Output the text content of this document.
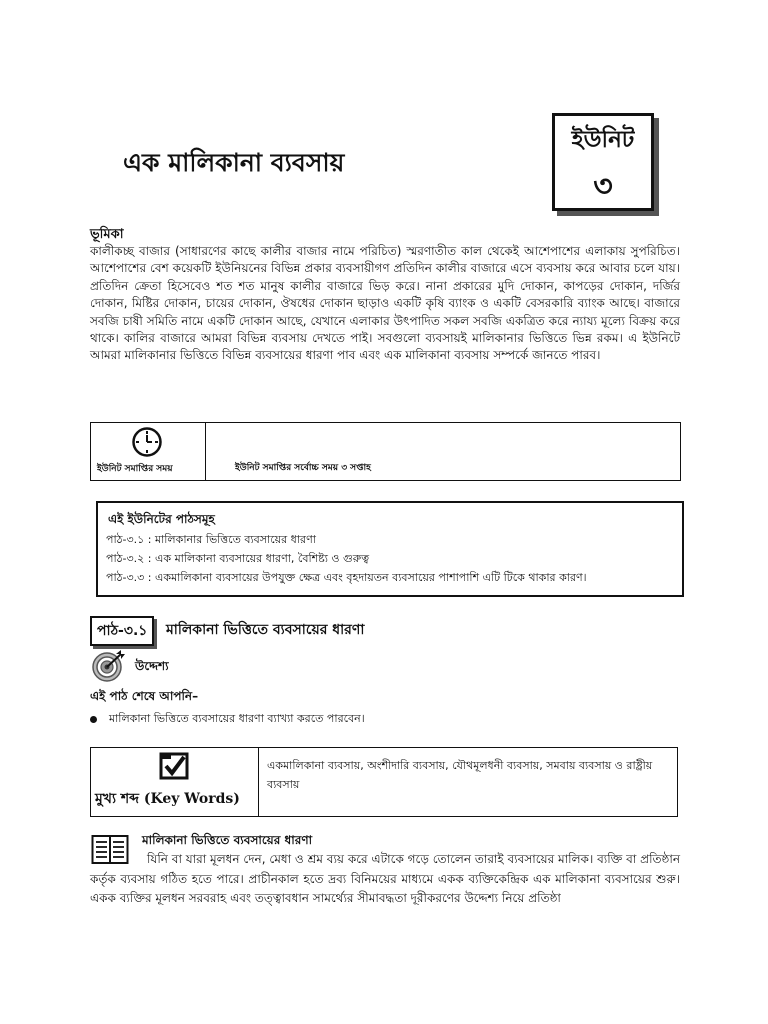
এক মালিকানা ব্যবসায়
ইউনিট
৩
ভূমিকা
কালীকচ্ছ বাজার (সাধারণের কাছে কালীর বাজার নামে পরিচিত) স্মরণাতীত কাল থেকেই আশেপাশের এলাকায় সুপরিচিত। আশেপাশের বেশ কয়েকটি ইউনিয়নের বিভিন্ন প্রকার ব্যবসায়ীগণ প্রতিদিন কালীর বাজারে এসে ব্যবসায় করে আবার চলে যায়। প্রতিদিন ক্রেতা হিসেবেও শত শত মানুষ কালীর বাজারে ভিড় করে। নানা প্রকারের মুদি দোকান, কাপড়ের দোকান, দর্জির দোকান, মিষ্টির দোকান, চায়ের দোকান, ঔষধের দোকান ছাড়াও একটি কৃষি ব্যাংক ও একটি বেসরকারি ব্যাংক আছে। বাজারে সবজি চাষী সমিতি নামে একটি দোকান আছে, যেখানে এলাকার উৎপাদিত সকল সবজি একত্রিত করে ন্যায্য মূল্যে বিক্রয় করে থাকে। কালির বাজারে আমরা বিভিন্ন ব্যবসায় দেখতে পাই। সবগুলো ব্যবসায়ই মালিকানার ভিত্তিতে ভিন্ন রকম। এ ইউনিটে আমরা মালিকানার ভিত্তিতে বিভিন্ন ব্যবসায়ের ধারণা পাব এবং এক মালিকানা ব্যবসায় সম্পর্কে জানতে পারব।
ইউনিট সমাপ্তির সময়	ইউনিট সমাপ্তির সর্বোচ্চ সময় ৩ সপ্তাহ
এই ইউনিটের পাঠসমূহ
পাঠ-৩.১ : মালিকানার ভিত্তিতে ব্যবসায়ের ধারণা
পাঠ-৩.২ : এক মালিকানা ব্যবসায়ের ধারণা, বৈশিষ্ট্য ও গুরুত্ব
পাঠ-৩.৩ : একমালিকানা ব্যবসায়ের উপযুক্ত ক্ষেত্র এবং বৃহদায়তন ব্যবসায়ের পাশাপাশি এটি টিকে থাকার কারণ।
পাঠ-৩.১	মালিকানা ভিত্তিতে ব্যবসায়ের ধারণা
উদ্দেশ্য
এই পাঠ শেষে আপনি–
মালিকানা ভিত্তিতে ব্যবসায়ের ধারণা ব্যাখ্যা করতে পারবেন।
মুখ্য শব্দ (Key Words)
একমালিকানা ব্যবসায়, অংশীদারি ব্যবসায়, যৌথমূলধনী ব্যবসায়, সমবায় ব্যবসায় ও রাষ্ট্রীয় ব্যবসায়
মালিকানা ভিত্তিতে ব্যবসায়ের ধারণা
যিনি বা যারা মূলধন দেন, মেধা ও শ্রম ব্যয় করে এটাকে গড়ে তোলেন তারাই ব্যবসায়ের মালিক। ব্যক্তি বা প্রতিষ্ঠান কর্তৃক ব্যবসায় গঠিত হতে পারে। প্রাচীনকাল হতে দ্রব্য বিনিময়ের মাধ্যমে একক ব্যক্তিকেন্দ্রিক এক মালিকানা ব্যবসায়ের শুরু। একক ব্যক্তির মূলধন সরবরাহ এবং তত্ত্বাবধান সামর্থ্যের সীমাবদ্ধতা দূরীকরণের উদ্দেশ্য নিয়ে প্রতিষ্ঠা
